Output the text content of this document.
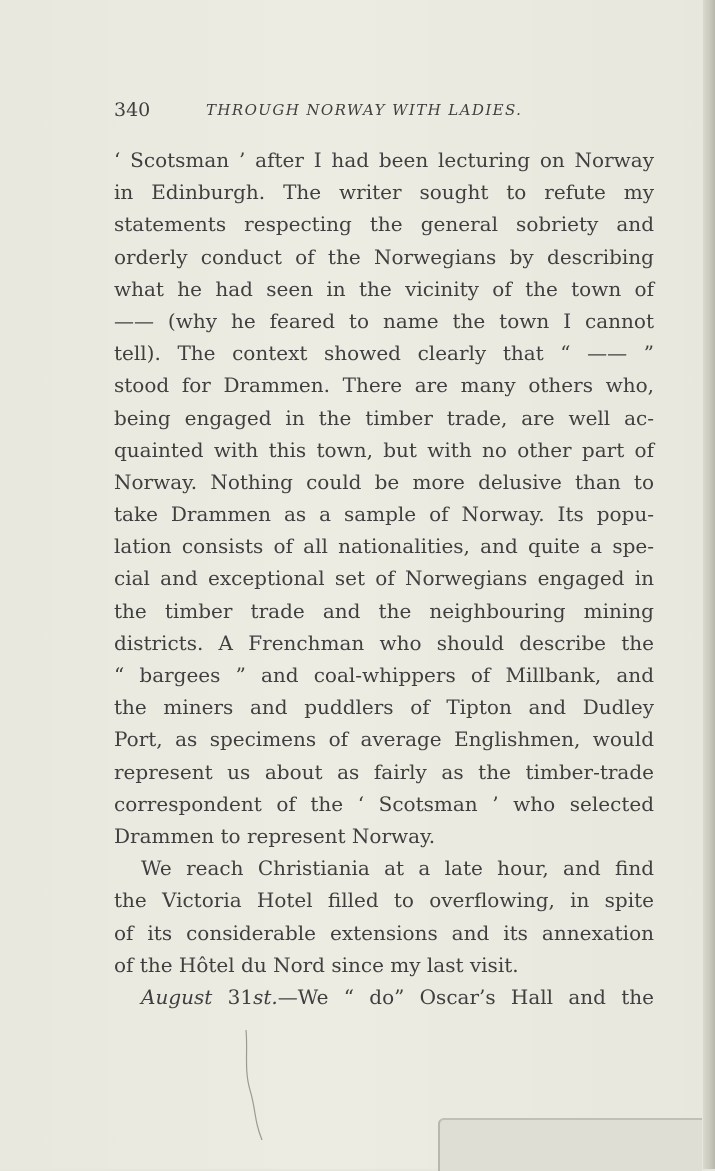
340	THROUGH NORWAY WITH LADIES.
‘ Scotsman ’ after I had been lecturing on Norway
in Edinburgh. The writer sought to refute my
statements respecting the general sobriety and
orderly conduct of the Norwegians by describing
what he had seen in the vicinity of the town of
—— (why he feared to name the town I cannot
tell). The context showed clearly that “ —— ”
stood for Drammen. There are many others who,
being engaged in the timber trade, are well ac-
quainted with this town, but with no other part of
Norway. Nothing could be more delusive than to
take Drammen as a sample of Norway. Its popu-
lation consists of all nationalities, and quite a spe-
cial and exceptional set of Norwegians engaged in
the timber trade and the neighbouring mining
districts. A Frenchman who should describe the
“ bargees ” and coal-whippers of Millbank, and
the miners and puddlers of Tipton and Dudley
Port, as specimens of average Englishmen, would
represent us about as fairly as the timber-trade
correspondent of the ‘ Scotsman ’ who selected
Drammen to represent Norway.
We reach Christiania at a late hour, and find
the Victoria Hotel filled to overflowing, in spite
of its considerable extensions and its annexation
of the Hôtel du Nord since my last visit.
August 31st.—We “ do” Oscar’s Hall and the
